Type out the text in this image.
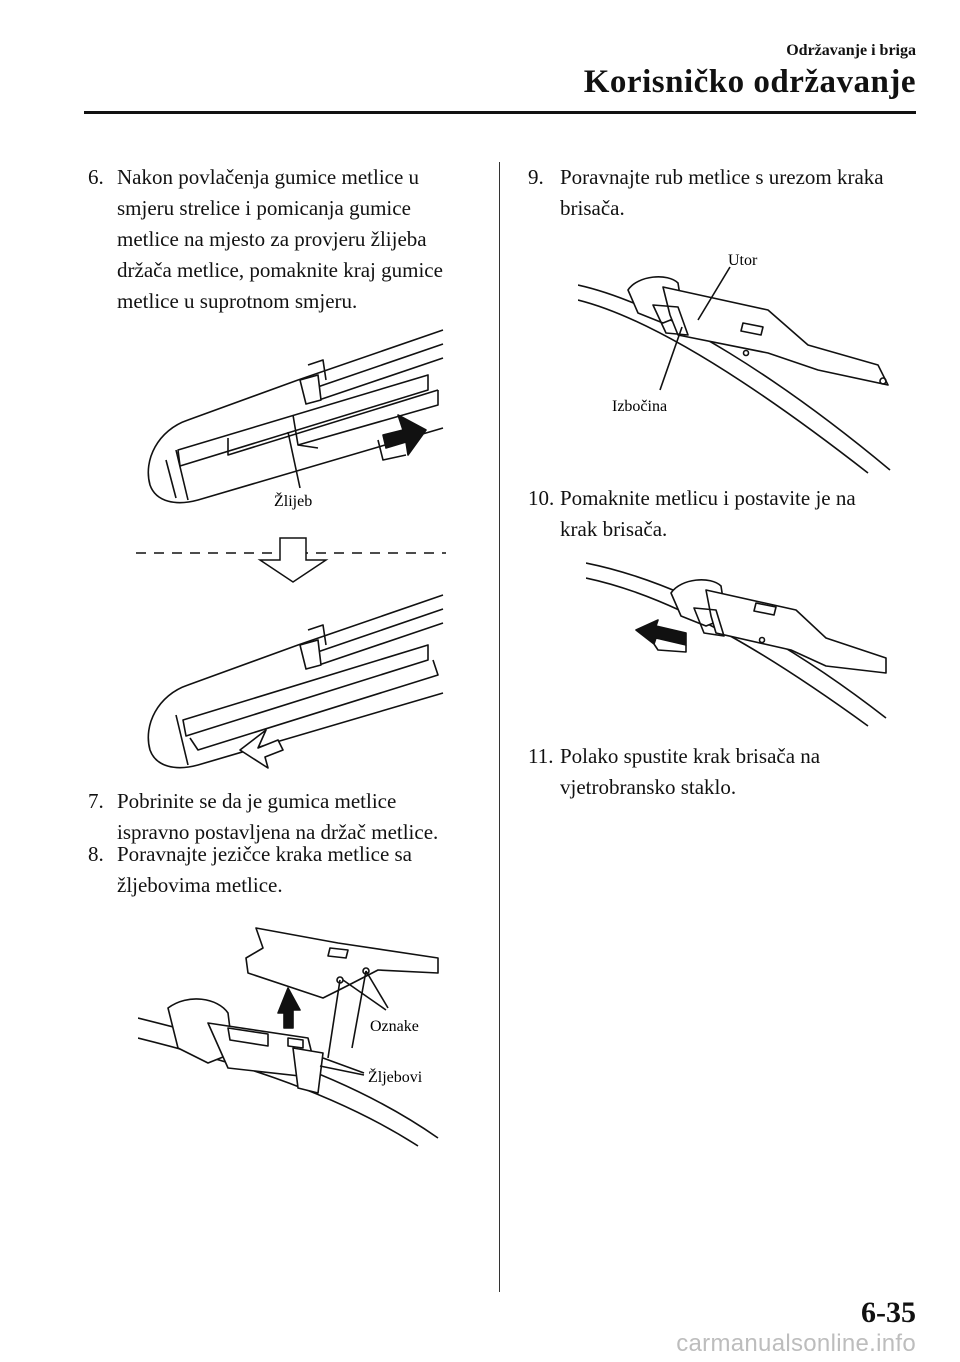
Održavanje i briga
Korisničko održavanje
6. Nakon povlačenja gumice metlice u
smjeru strelice i pomicanja gumice
metlice na mjesto za provjeru žlijeba
držača metlice, pomaknite kraj gumice
metlice u suprotnom smjeru.
Žlijeb
7. Pobrinite se da je gumica metlice
ispravno postavljena na držač metlice.
8. Poravnajte jezičce kraka metlice sa
žljebovima metlice.
Oznake
Žljebovi
9. Poravnajte rub metlice s urezom kraka
brisača.
Utor
Izbočina
10. Pomaknite metlicu i postavite je na
krak brisača.
11. Polako spustite krak brisača na
vjetrobransko staklo.
6-35
carmanualsonline.info
